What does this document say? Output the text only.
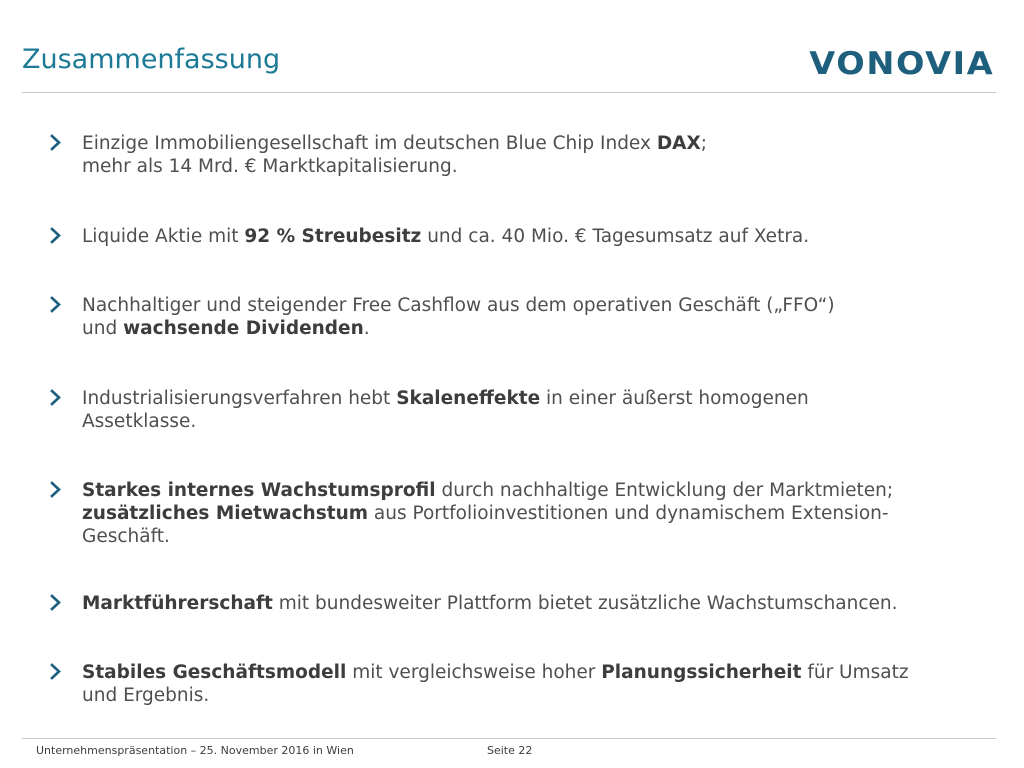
Zusammenfassung	VONOVIA
Einzige Immobiliengesellschaft im deutschen Blue Chip Index DAX;
mehr als 14 Mrd. € Marktkapitalisierung.
Liquide Aktie mit 92 % Streubesitz und ca. 40 Mio. € Tagesumsatz auf Xetra.
Nachhaltiger und steigender Free Cashflow aus dem operativen Geschäft („FFO“)
und wachsende Dividenden.
Industrialisierungsverfahren hebt Skaleneffekte in einer äußerst homogenen
Assetklasse.
Starkes internes Wachstumsprofil durch nachhaltige Entwicklung der Marktmieten;
zusätzliches Mietwachstum aus Portfolioinvestitionen und dynamischem Extension-
Geschäft.
Marktführerschaft mit bundesweiter Plattform bietet zusätzliche Wachstumschancen.
Stabiles Geschäftsmodell mit vergleichsweise hoher Planungssicherheit für Umsatz
und Ergebnis.
Unternehmenspräsentation – 25. November 2016 in Wien	Seite 22
